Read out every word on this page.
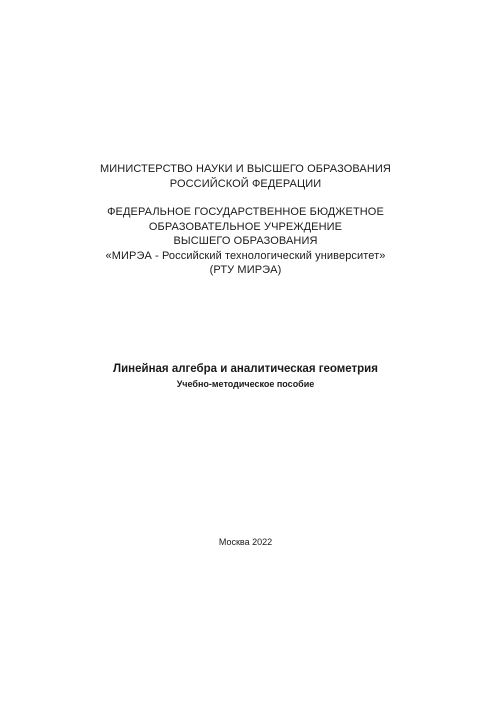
МИНИСТЕРСТВО НАУКИ И ВЫСШЕГО ОБРАЗОВАНИЯ
РОССИЙСКОЙ ФЕДЕРАЦИИ
ФЕДЕРАЛЬНОЕ ГОСУДАРСТВЕННОЕ БЮДЖЕТНОЕ
ОБРАЗОВАТЕЛЬНОЕ УЧРЕЖДЕНИЕ
ВЫСШЕГО ОБРАЗОВАНИЯ
«МИРЭА - Российский технологический университет»
(РТУ МИРЭА)
Линейная алгебра и аналитическая геометрия
Учебно-методическое пособие
Москва 2022
